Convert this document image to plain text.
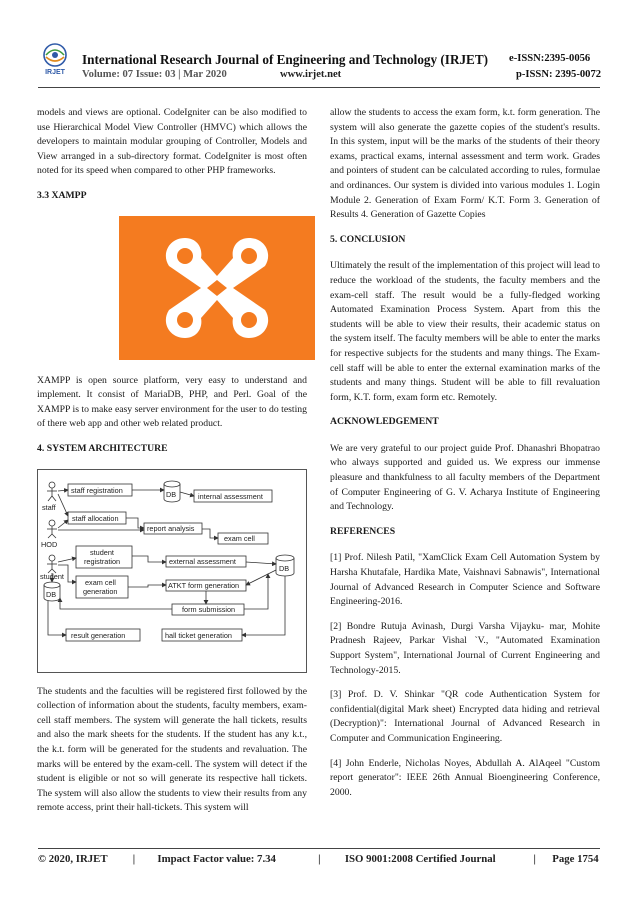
IRJET
International Research Journal of Engineering and Technology (IRJET) e-ISSN:2395-0056
Volume: 07 Issue: 03 | Mar 2020	www.irjet.net	p-ISSN: 2395-0072

models and views are optional. CodeIgniter can be also modified to use Hierarchical Model View Controller (HMVC) which allows the developers to maintain modular grouping of Controller, Models and View arranged in a sub-directory format. CodeIgniter is most often noted for its speed when compared to other PHP frameworks.

3.3 XAMPP

XAMPP is open source platform, very easy to understand and implement. It consist of MariaDB, PHP, and Perl. Goal of the XAMPP is to make easy server environment for the user to do testing of there web app and other web related product.

4. SYSTEM ARCHITECTURE
staff
HOD
student
DB
DB
DB
staff registration
internal assessment
staff allocation
report analysis
exam cell
student
registration	external assessment
exam cell
generation
ATKT form generation
form submission
result generation	hall ticket generation

The students and the faculties will be registered first followed by the collection of information about the students, faculty members, exam-cell staff members. The system will generate the hall tickets, results and also the mark sheets for the students. If the student has any k.t., the k.t. form will be generated for the students and revaluation. The marks will be entered by the exam-cell. The system will detect if the student is eligible or not so will generate its respective hall tickets. The system will also allow the students to view their results from any remote access, print their hall-tickets. This system will

allow the students to access the exam form, k.t. form generation. The system will also generate the gazette copies of the student's results. In this system, input will be the marks of the students of their theory exams, practical exams, internal assessment and term work. Grades and pointers of student can be calculated according to rules, formulae and ordinances. Our system is divided into various modules 1. Login Module 2. Generation of Exam Form/ K.T. Form 3. Generation of Results 4. Generation of Gazette Copies

5. CONCLUSION

Ultimately the result of the implementation of this project will lead to reduce the workload of the students, the faculty members and the exam-cell staff. The result would be a fully-fledged working Automated Examination Process System. Apart from this the students will be able to view their results, their academic status on the system itself. The faculty members will be able to enter the marks for respective subjects for the students and many things. The Exam-cell staff will be able to enter the external examination marks of the students and many things. Student will be able to fill revaluation form, K.T. form, exam form etc. Remotely.

ACKNOWLEDGEMENT

We are very grateful to our project guide Prof. Dhanashri Bhopatrao who always supported and guided us. We express our immense pleasure and thankfulness to all faculty members of the Department of Computer Engineering of G. V. Acharya Institute of Engineering and Technology.

REFERENCES

[1] Prof. Nilesh Patil, "XamClick Exam Cell Automation System by Harsha Khutafale, Hardika Mate, Vaishnavi Sabnawis", International Journal of Advanced Research in Computer Science and Software Engineering-2016.

[2] Bondre Rutuja Avinash, Durgi Varsha Vijayku- mar, Mohite Pradnesh Rajeev, Parkar Vishal `V., "Automated Examination Support System", International Journal of Current Engineering and Technology-2015.

[3] Prof. D. V. Shinkar "QR code Authentication System for confidential(digital Mark sheet) Encrypted data hiding and retrieval (Decryption)": International Journal of Advanced Research in Computer and Communication Engineering.

[4] John Enderle, Nicholas Noyes, Abdullah A. AlAqeel "Custom report generator": IEEE 26th Annual Bioengineering Conference, 2000.

© 2020, IRJET | Impact Factor value: 7.34	| ISO 9001:2008 Certified Journal	| Page 1754
